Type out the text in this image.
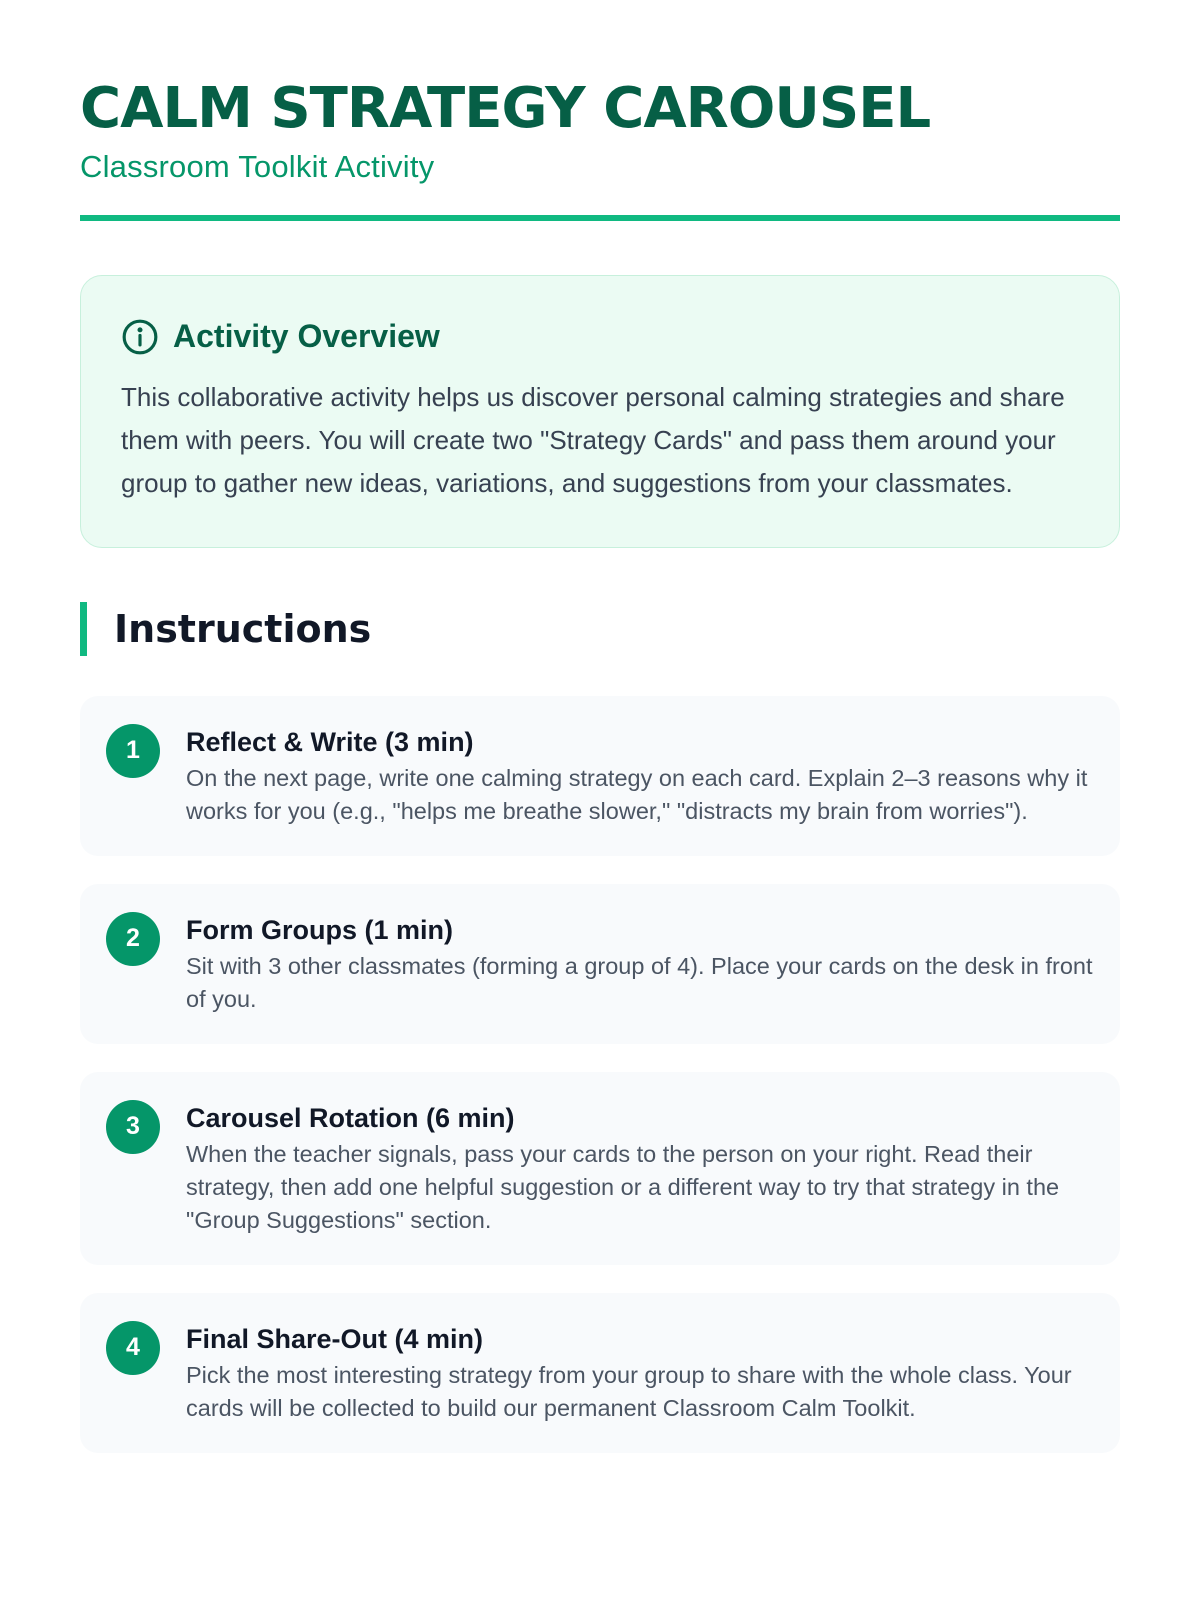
CALM STRATEGY CAROUSEL
Classroom Toolkit Activity
Activity Overview

This collaborative activity helps us discover personal calming strategies and share them with peers. You will create two "Strategy Cards" and pass them around your group to gather new ideas, variations, and suggestions from your classmates.

Instructions
1	Reflect & Write (3 min)

On the next page, write one calming strategy on each card. Explain 2–3 reasons why it works for you (e.g., "helps me breathe slower," "distracts my brain from worries").

2	Form Groups (1 min)

Sit with 3 other classmates (forming a group of 4). Place your cards on the desk in front of you.

3	Carousel Rotation (6 min)

When the teacher signals, pass your cards to the person on your right. Read their strategy, then add one helpful suggestion or a different way to try that strategy in the "Group Suggestions" section.

4	Final Share-Out (4 min)

Pick the most interesting strategy from your group to share with the whole class. Your cards will be collected to build our permanent Classroom Calm Toolkit.
